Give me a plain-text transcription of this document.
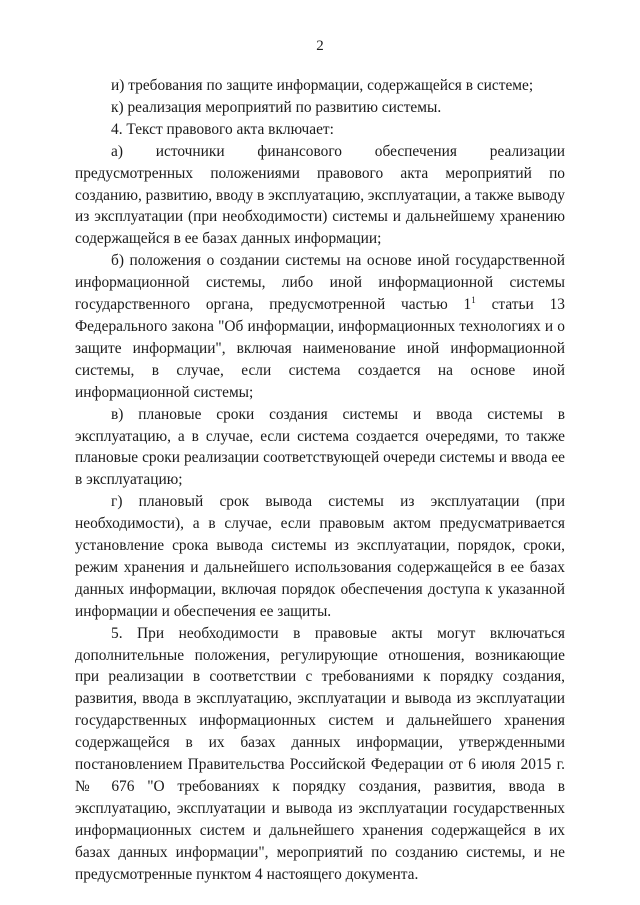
2

и) требования по защите информации, содержащейся в системе;

к) реализация мероприятий по развитию системы.

4. Текст правового акта включает:

а) источники финансового обеспечения реализации предусмотренных положениями правового акта мероприятий по созданию, развитию, вводу в эксплуатацию, эксплуатации, а также выводу из эксплуатации (при необходимости) системы и дальнейшему хранению содержащейся в ее базах данных информации;

б) положения о создании системы на основе иной государственной информационной системы, либо иной информационной системы государственного органа, предусмотренной частью $1^1$ статьи 13 Федерального закона "Об информации, информационных технологиях и о защите информации", включая наименование иной информационной системы, в случае, если система создается на основе иной информационной системы;

в) плановые сроки создания системы и ввода системы в эксплуатацию, а в случае, если система создается очередями, то также плановые сроки реализации соответствующей очереди системы и ввода ее в эксплуатацию;

г) плановый срок вывода системы из эксплуатации (при необходимости), а в случае, если правовым актом предусматривается установление срока вывода системы из эксплуатации, порядок, сроки, режим хранения и дальнейшего использования содержащейся в ее базах данных информации, включая порядок обеспечения доступа к указанной информации и обеспечения ее защиты.

5. При необходимости в правовые акты могут включаться дополнительные положения, регулирующие отношения, возникающие при реализации в соответствии с требованиями к порядку создания, развития, ввода в эксплуатацию, эксплуатации и вывода из эксплуатации государственных информационных систем и дальнейшего хранения содержащейся в их базах данных информации, утвержденными постановлением Правительства Российской Федерации от 6 июля 2015 г. № 676 "О требованиях к порядку создания, развития, ввода в эксплуатацию, эксплуатации и вывода из эксплуатации государственных информационных систем и дальнейшего хранения содержащейся в их базах данных информации", мероприятий по созданию системы, и не предусмотренные пунктом 4 настоящего документа.
